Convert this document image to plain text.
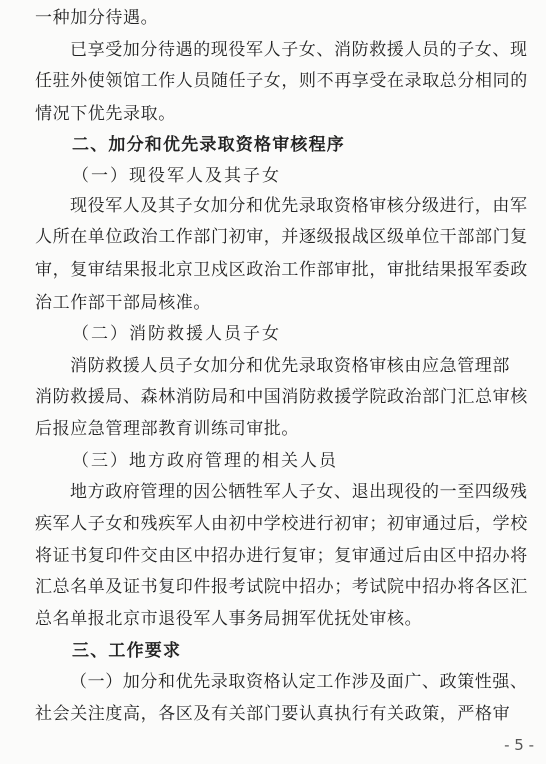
一种加分待遇。
已享受加分待遇的现役军人子女、消防救援人员的子女、现
任驻外使领馆工作人员随任子女，则不再享受在录取总分相同的
情况下优先录取。
二、加分和优先录取资格审核程序
（一）现役军人及其子女
现役军人及其子女加分和优先录取资格审核分级进行，由军
人所在单位政治工作部门初审，并逐级报战区级单位干部部门复
审，复审结果报北京卫戍区政治工作部审批，审批结果报军委政
治工作部干部局核准。
（二）消防救援人员子女
消防救援人员子女加分和优先录取资格审核由应急管理部
消防救援局、森林消防局和中国消防救援学院政治部门汇总审核
后报应急管理部教育训练司审批。
（三）地方政府管理的相关人员
地方政府管理的因公牺牲军人子女、退出现役的一至四级残
疾军人子女和残疾军人由初中学校进行初审；初审通过后，学校
将证书复印件交由区中招办进行复审；复审通过后由区中招办将
汇总名单及证书复印件报考试院中招办；考试院中招办将各区汇
总名单报北京市退役军人事务局拥军优抚处审核。
三、工作要求
（一）加分和优先录取资格认定工作涉及面广、政策性强、
社会关注度高，各区及有关部门要认真执行有关政策，严格审
- 5 -
